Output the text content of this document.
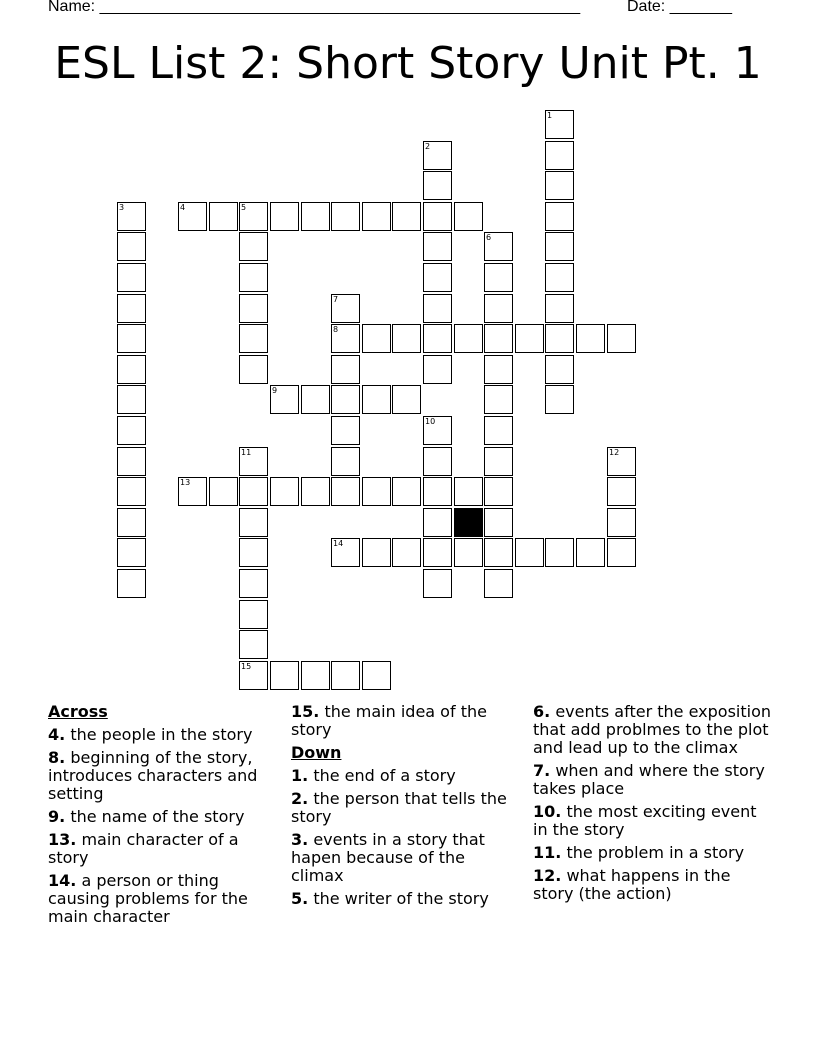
Name: ______________________________________________________	Date: _______
ESL List 2: Short Story Unit Pt. 1
1
2
3	4	5
6
7
8
9
10
11
15
12
13
14
Across
4. the people in the story
8. beginning of the story, introduces characters and setting
9. the name of the story
13. main character of a story
14. a person or thing causing problems for the main character
15. the main idea of the story
Down
1. the end of a story
2. the person that tells the story
3. events in a story that hapen because of the climax
5. the writer of the story
6. events after the exposition that add problmes to the plot and lead up to the climax
7. when and where the story takes place
10. the most exciting event in the story
11. the problem in a story
12. what happens in the story (the action)
